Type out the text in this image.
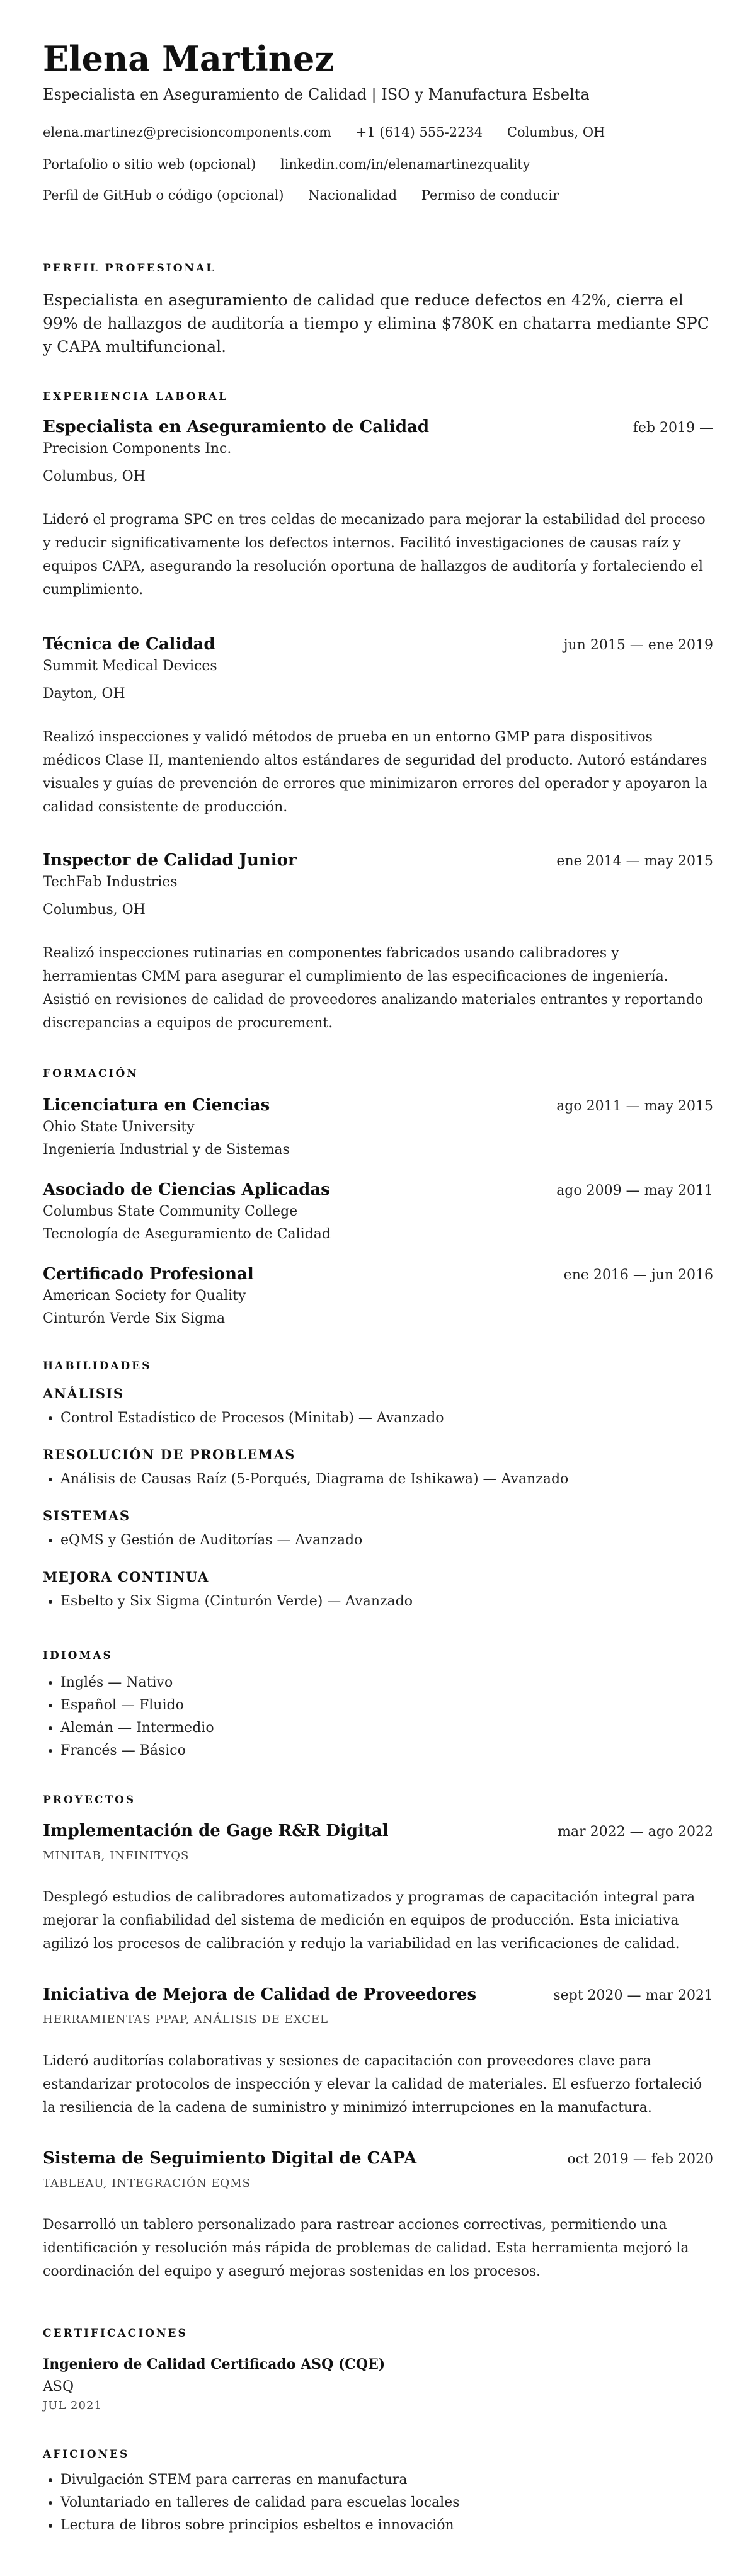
Elena Martinez
Especialista en Aseguramiento de Calidad | ISO y Manufactura Esbelta
elena.martinez@precisioncomponents.com +1 (614) 555-2234 Columbus, OH
Portafolio o sitio web (opcional) linkedin.com/in/elenamartinezquality
Perfil de GitHub o código (opcional) Nacionalidad Permiso de conducir
PERFIL PROFESIONAL
Especialista en aseguramiento de calidad que reduce defectos en 42%, cierra el 99% de hallazgos de auditoría a tiempo y elimina $780K en chatarra mediante SPC y CAPA multifuncional.
EXPERIENCIA LABORAL
Especialista en Aseguramiento de Calidad	feb 2019 —
Precision Components Inc.
Columbus, OH

Lideró el programa SPC en tres celdas de mecanizado para mejorar la estabilidad del proceso y reducir significativamente los defectos internos. Facilitó investigaciones de causas raíz y equipos CAPA, asegurando la resolución oportuna de hallazgos de auditoría y fortaleciendo el cumplimiento.

Técnica de Calidad	jun 2015 — ene 2019
Summit Medical Devices
Dayton, OH

Realizó inspecciones y validó métodos de prueba en un entorno GMP para dispositivos médicos Clase II, manteniendo altos estándares de seguridad del producto. Autoró estándares visuales y guías de prevención de errores que minimizaron errores del operador y apoyaron la calidad consistente de producción.

Inspector de Calidad Junior	ene 2014 — may 2015
TechFab Industries
Columbus, OH

Realizó inspecciones rutinarias en componentes fabricados usando calibradores y herramientas CMM para asegurar el cumplimiento de las especificaciones de ingeniería. Asistió en revisiones de calidad de proveedores analizando materiales entrantes y reportando discrepancias a equipos de procurement.

FORMACIÓN
Licenciatura en Ciencias	ago 2011 — may 2015
Ohio State University
Ingeniería Industrial y de Sistemas
Asociado de Ciencias Aplicadas	ago 2009 — may 2011
Columbus State Community College
Tecnología de Aseguramiento de Calidad
Certificado Profesional	ene 2016 — jun 2016
American Society for Quality
Cinturón Verde Six Sigma
HABILIDADES
ANÁLISIS
• Control Estadístico de Procesos (Minitab) — Avanzado
RESOLUCIÓN DE PROBLEMAS
• Análisis de Causas Raíz (5-Porqués, Diagrama de Ishikawa) — Avanzado
SISTEMAS
• eQMS y Gestión de Auditorías — Avanzado
MEJORA CONTINUA
• Esbelto y Six Sigma (Cinturón Verde) — Avanzado
IDIOMAS
• Inglés — Nativo
• Español — Fluido
• Alemán — Intermedio
• Francés — Básico
PROYECTOS
Implementación de Gage R&R Digital	mar 2022 — ago 2022
MINITAB, INFINITYQS

Desplegó estudios de calibradores automatizados y programas de capacitación integral para mejorar la confiabilidad del sistema de medición en equipos de producción. Esta iniciativa agilizó los procesos de calibración y redujo la variabilidad en las verificaciones de calidad.

Iniciativa de Mejora de Calidad de Proveedores	sept 2020 — mar 2021
HERRAMIENTAS PPAP, ANÁLISIS DE EXCEL

Lideró auditorías colaborativas y sesiones de capacitación con proveedores clave para estandarizar protocolos de inspección y elevar la calidad de materiales. El esfuerzo fortaleció la resiliencia de la cadena de suministro y minimizó interrupciones en la manufactura.

Sistema de Seguimiento Digital de CAPA	oct 2019 — feb 2020
TABLEAU, INTEGRACIÓN EQMS

Desarrolló un tablero personalizado para rastrear acciones correctivas, permitiendo una identificación y resolución más rápida de problemas de calidad. Esta herramienta mejoró la coordinación del equipo y aseguró mejoras sostenidas en los procesos.

CERTIFICACIONES
Ingeniero de Calidad Certificado ASQ (CQE)
ASQ
JUL 2021
AFICIONES
• Divulgación STEM para carreras en manufactura
• Voluntariado en talleres de calidad para escuelas locales
• Lectura de libros sobre principios esbeltos e innovación
